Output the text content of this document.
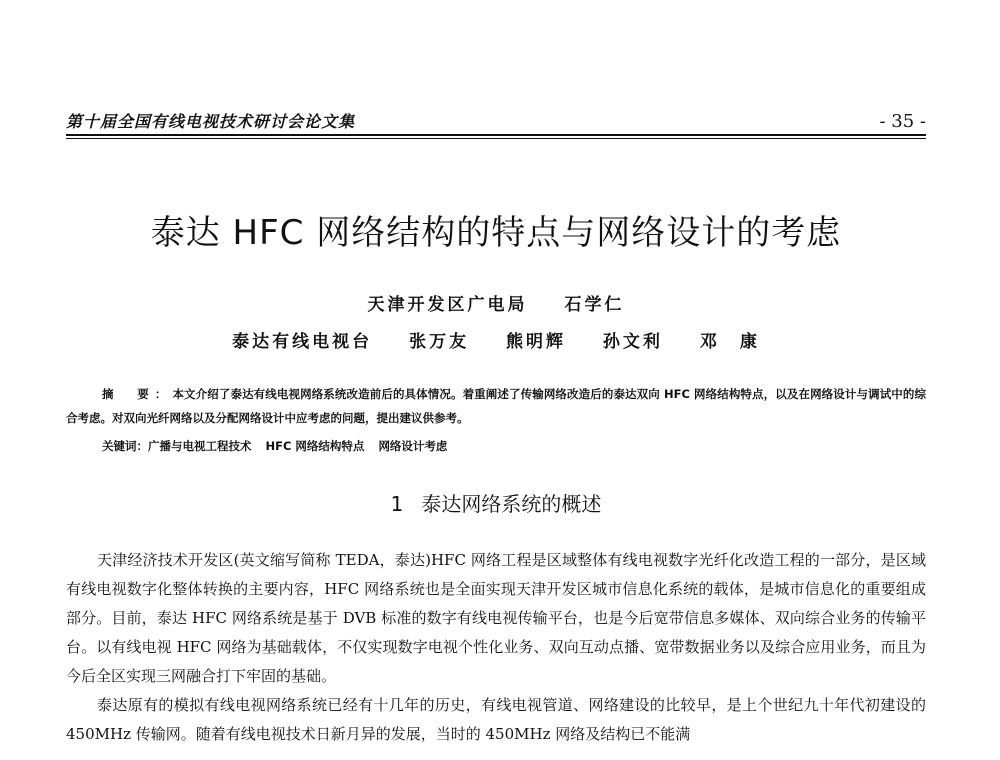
第十届全国有线电视技术研讨会论文集	- 35 -
泰达 HFC 网络结构的特点与网络设计的考虑
天津开发区广电局 石学仁
泰达有线电视台 张万友 熊明辉 孙文利 邓　康
摘　要：本文介绍了泰达有线电视网络系统改造前后的具体情况。着重阐述了传输网络改造后的泰达双向 HFC 网络结构特点，以及在网络设计与调试中的综合考虑。对双向光纤网络以及分配网络设计中应考虑的问题，提出建议供参考。
关键词：广播与电视工程技术 HFC 网络结构特点 网络设计考虑
1 泰达网络系统的概述

天津经济技术开发区(英文缩写简称 TEDA，泰达)HFC 网络工程是区域整体有线电视数字光纤化改造工程的一部分，是区域有线电视数字化整体转换的主要内容，HFC 网络系统也是全面实现天津开发区城市信息化系统的载体，是城市信息化的重要组成部分。目前，泰达 HFC 网络系统是基于 DVB 标准的数字有线电视传输平台，也是今后宽带信息多媒体、双向综合业务的传输平台。以有线电视 HFC 网络为基础载体，不仅实现数字电视个性化业务、双向互动点播、宽带数据业务以及综合应用业务，而且为今后全区实现三网融合打下牢固的基础。

泰达原有的模拟有线电视网络系统已经有十几年的历史，有线电视管道、网络建设的比较早，是上个世纪九十年代初建设的 450MHz 传输网。随着有线电视技术日新月异的发展，当时的 450MHz 网络及结构已不能满
